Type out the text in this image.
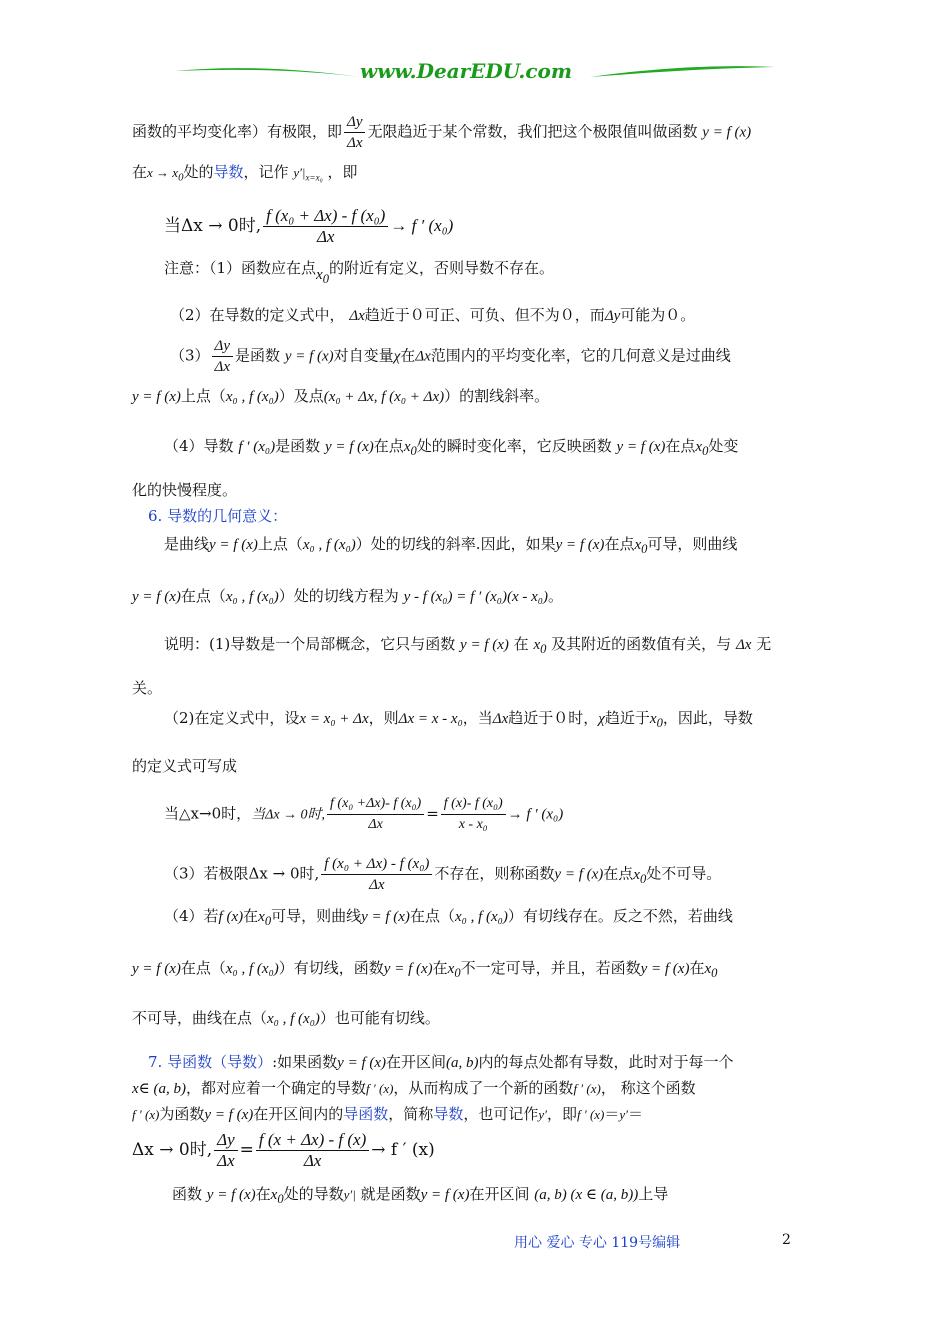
www.DearEDU.com
函数的平均变化率）有极限，即 $\frac{\Delta y}{\Delta x}$ 无限趋近于某个常数，我们把这个极限值叫做函数 y = f (x)
在$x \to x_0$处的导数，记作 $y'|_{x=x_0}$ ，即
当Δx → 0时, $\frac{\text{f (x₀ + Δx) - f (x₀)}}{\Delta x} \to f$ ′ (x₀)
注意：（1）函数应在点$x_0$的附近有定义，否则导数不存在。
（2）在导数的定义式中， Δx趋近于０可正、可负、但不为０，而Δy可能为０。
$(3) \frac{\Delta y}{\Delta x}$ 是函数 y = f (x)对自变量χ在Δx范围内的平均变化率，它的几何意义是过曲线
y = f (x)上点（x₀ , f (x₀)）及点(x₀ + Δx, f (x₀ + Δx)）的割线斜率。
（4）导数 f ′ (x₀)是函数 y = f (x)在点$x_0$处的瞬时变化率，它反映函数 y = f (x)在点$x_0$处变
化的快慢程度。
6. 导数的几何意义：
是曲线y = f (x)上点（x₀ , f (x₀)）处的切线的斜率.因此，如果y = f (x)在点$x_0$可导，则曲线
y = f (x)在点（x₀ , f (x₀)）处的切线方程为 y - f (x₀) = f ′ (x₀)(x - x₀)。
说明：(1)导数是一个局部概念，它只与函数 y = f (x) 在 $x_0$ 及其附近的函数值有关，与 Δx 无
关。
（2)在定义式中，设x = x₀ + Δx，则Δx = x - x₀，当Δx趋近于０时，χ趋近于$x_0$，因此，导数
的定义式可写成
当△x→0时，当Δx → 0时, $\frac{\text{f (x₀ +Δx)- f (x₀)}}{\Delta x} = \frac{\text{f (x)- f (x₀)}}{\text{x - x₀}} \to f$ ′ (x₀)
（3）若极限Δx → 0时, $\frac{\text{f (x₀ + Δx) - f (x₀)}}{\Delta x}$ 不存在，则称函数y = f (x)在点$x_0$处不可导。
（4）若f (x)在$x_0$可导，则曲线y = f (x)在点（x₀ , f (x₀)）有切线存在。反之不然，若曲线
y = f (x)在点（x₀ , f (x₀)）有切线，函数y = f (x)在$x_0$不一定可导，并且，若函数y = f (x)在$x_0$
不可导，曲线在点（x₀ , f (x₀)）也可能有切线。
7. 导函数（导数）:如果函数y = f (x)在开区间(a, b)内的每点处都有导数，此时对于每一个
x∈ (a, b)，都对应着一个确定的导数f ′ (x)，从而构成了一个新的函数f ′ (x)， 称这个函数
f ′ (x)为函数y = f (x)在开区间内的导函数，简称导数，也可记作y′，即f ′ (x)＝y′＝
Δx → 0时, $\frac{\Delta y}{\Delta x} = \frac{f (x + \Delta x) - f (x)}{\Delta x} \to f$ ′ (x)
函数 y = f (x)在$x_0$处的导数y′| 就是函数y = f (x)在开区间 (a, b) (x ∈ (a, b))上导
用心 爱心 专心 119号编辑	2
